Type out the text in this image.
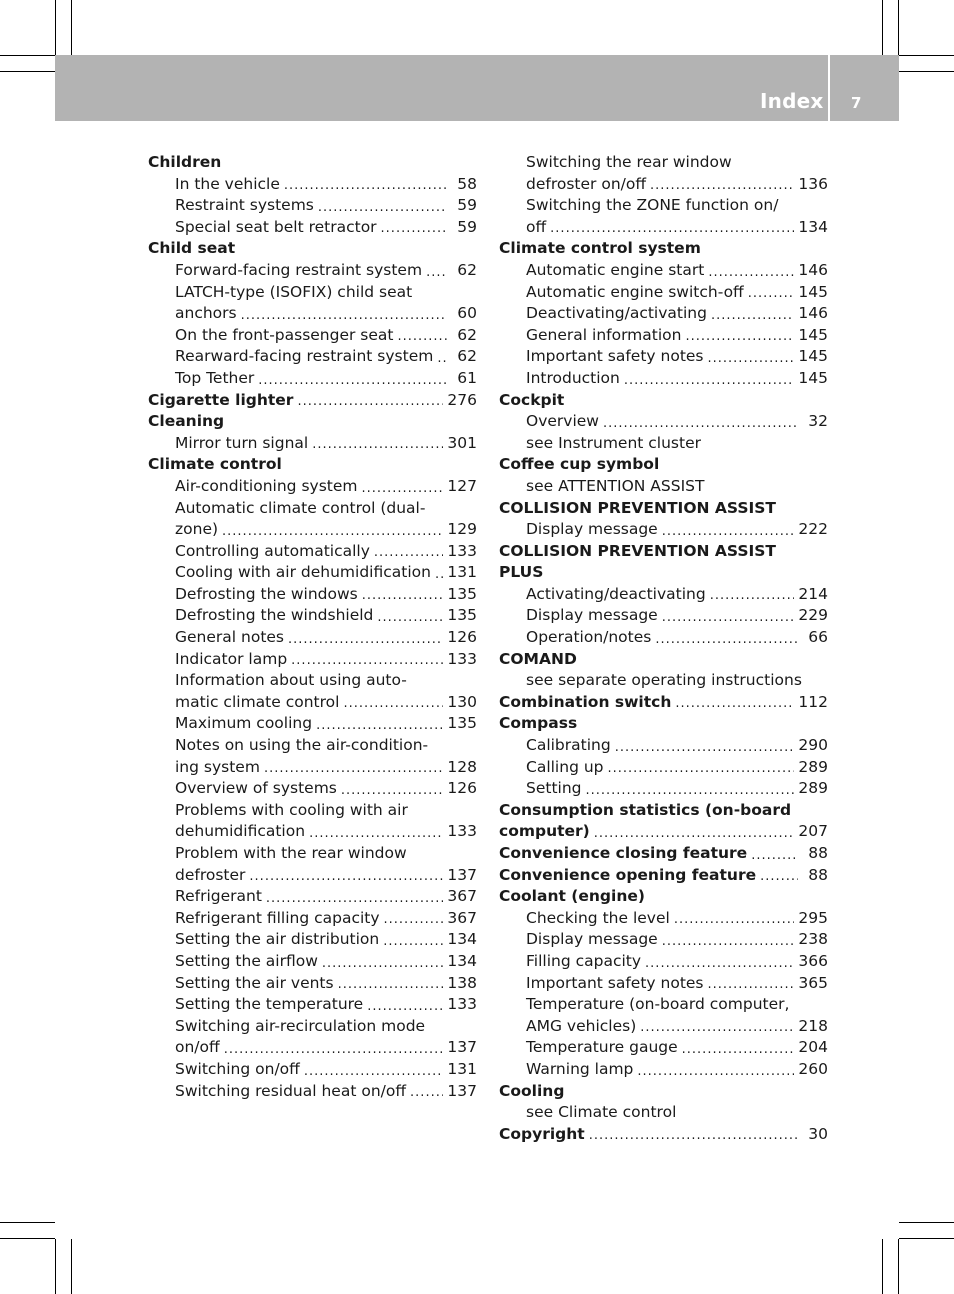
Index 7
Children
In the vehicle .....	58
Restraint systems .....	59
Special seat belt retractor .....	59
Child seat
Forward-facing restraint system .....	62
LATCH-type (ISOFIX) child seat
anchors .....	60
On the front-passenger seat .....	62
Rearward-facing restraint system .....	62
Top Tether .....	61
Cigarette lighter .....	276
Cleaning
Mirror turn signal .....	301
Climate control
Air-conditioning system .....	127
Automatic climate control (dual-
zone) .....	129
Controlling automatically .....	133
Cooling with air dehumidification ..... 131
Defrosting the windows .....	135
Defrosting the windshield .....	135
General notes .....	126
Indicator lamp .....	133
Information about using auto-
matic climate control .....	130
Maximum cooling .....	135
Notes on using the air-condition-
ing system .....	128
Overview of systems .....	126
Problems with cooling with air
dehumidification .....	133
Problem with the rear window
defroster .....	137
Refrigerant .....	367
Refrigerant filling capacity .....	367
Setting the air distribution .....	134
Setting the airflow .....	134
Setting the air vents .....	138
Setting the temperature .....	133
Switching air-recirculation mode
on/off .....	137
Switching on/off .....	131
Switching residual heat on/off .....	137
Switching the rear window
defroster on/off .....	136
Switching the ZONE function on/
off .....	134
Climate control system
Automatic engine start .....	146
Automatic engine switch-off .....	145
Deactivating/activating .....	146
General information .....	145
Important safety notes .....	145
Introduction .....	145
Cockpit
Overview .....	32
see Instrument cluster
Coffee cup symbol
see ATTENTION ASSIST
COLLISION PREVENTION ASSIST
Display message .....	222
COLLISION PREVENTION ASSIST
PLUS
Activating/deactivating .....	214
Display message .....	229
Operation/notes .....	66
COMAND
see separate operating instructions
Combination switch .....	112
Compass
Calibrating .....	290
Calling up .....	289
Setting .....	289
Consumption statistics (on-board
computer) .....	207
Convenience closing feature .....	88
Convenience opening feature .....	88
Coolant (engine)
Checking the level .....	295
Display message .....	238
Filling capacity .....	366
Important safety notes .....	365
Temperature (on-board computer,
AMG vehicles) .....	218
Temperature gauge .....	204
Warning lamp .....	260
Cooling
see Climate control
Copyright .....	30
